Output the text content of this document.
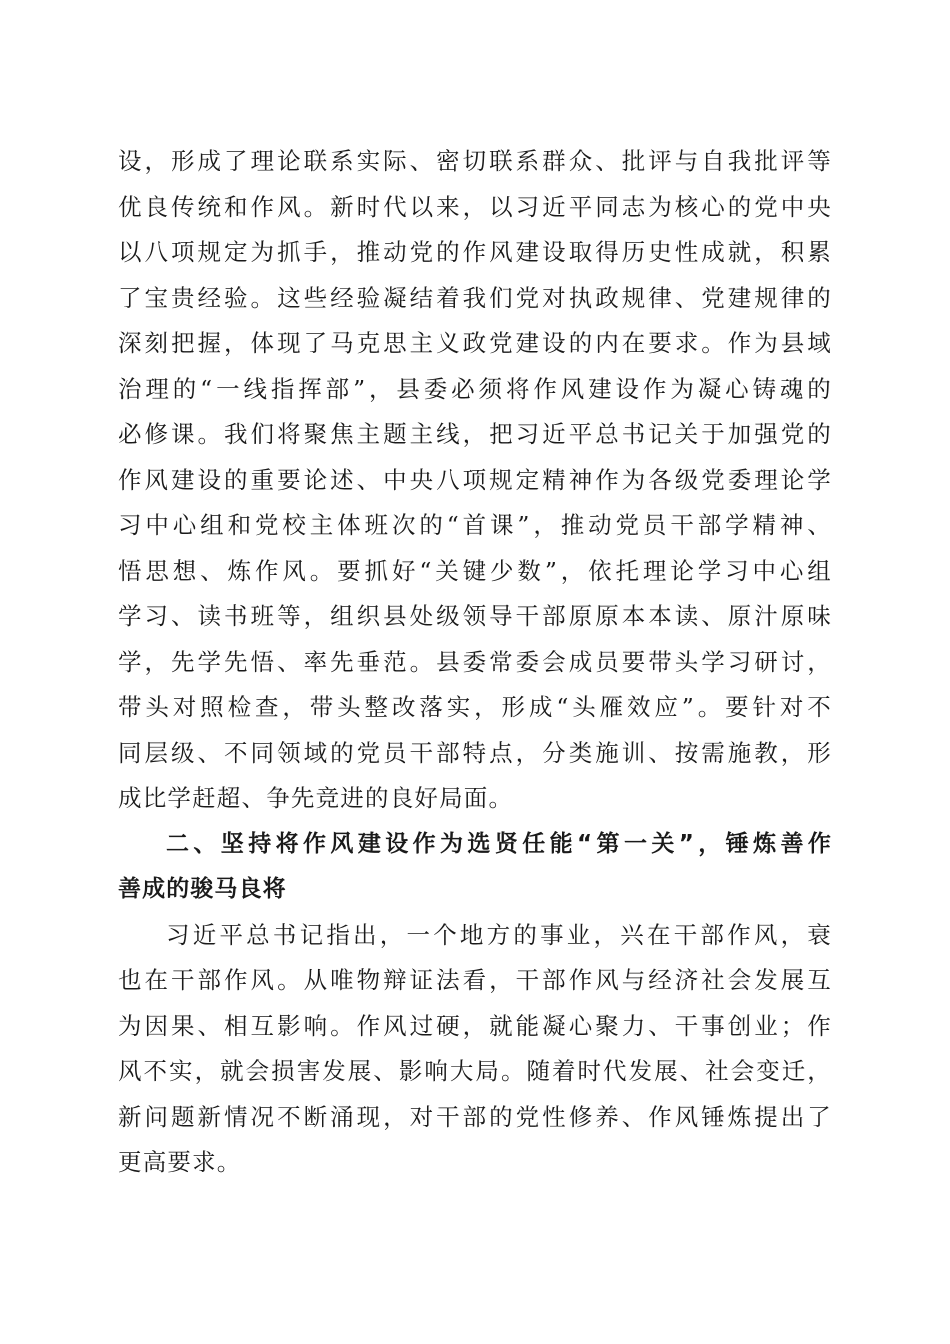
设，形成了理论联系实际、密切联系群众、批评与自我批评等
优良传统和作风。新时代以来，以习近平同志为核心的党中央
以八项规定为抓手，推动党的作风建设取得历史性成就，积累
了宝贵经验。这些经验凝结着我们党对执政规律、党建规律的
深刻把握，体现了马克思主义政党建设的内在要求。作为县域
治理的“一线指挥部”，县委必须将作风建设作为凝心铸魂的
必修课。我们将聚焦主题主线，把习近平总书记关于加强党的
作风建设的重要论述、中央八项规定精神作为各级党委理论学
习中心组和党校主体班次的“首课”，推动党员干部学精神、
悟思想、炼作风。要抓好“关键少数”，依托理论学习中心组
学习、读书班等，组织县处级领导干部原原本本读、原汁原味
学，先学先悟、率先垂范。县委常委会成员要带头学习研讨，
带头对照检查，带头整改落实，形成“头雁效应”。要针对不
同层级、不同领域的党员干部特点，分类施训、按需施教，形
成比学赶超、争先竞进的良好局面。

二、坚持将作风建设作为选贤任能“第一关”，锤炼善作
善成的骏马良将

习近平总书记指出，一个地方的事业，兴在干部作风，衰
也在干部作风。从唯物辩证法看，干部作风与经济社会发展互
为因果、相互影响。作风过硬，就能凝心聚力、干事创业；作
风不实，就会损害发展、影响大局。随着时代发展、社会变迁，
新问题新情况不断涌现，对干部的党性修养、作风锤炼提出了
更高要求。
